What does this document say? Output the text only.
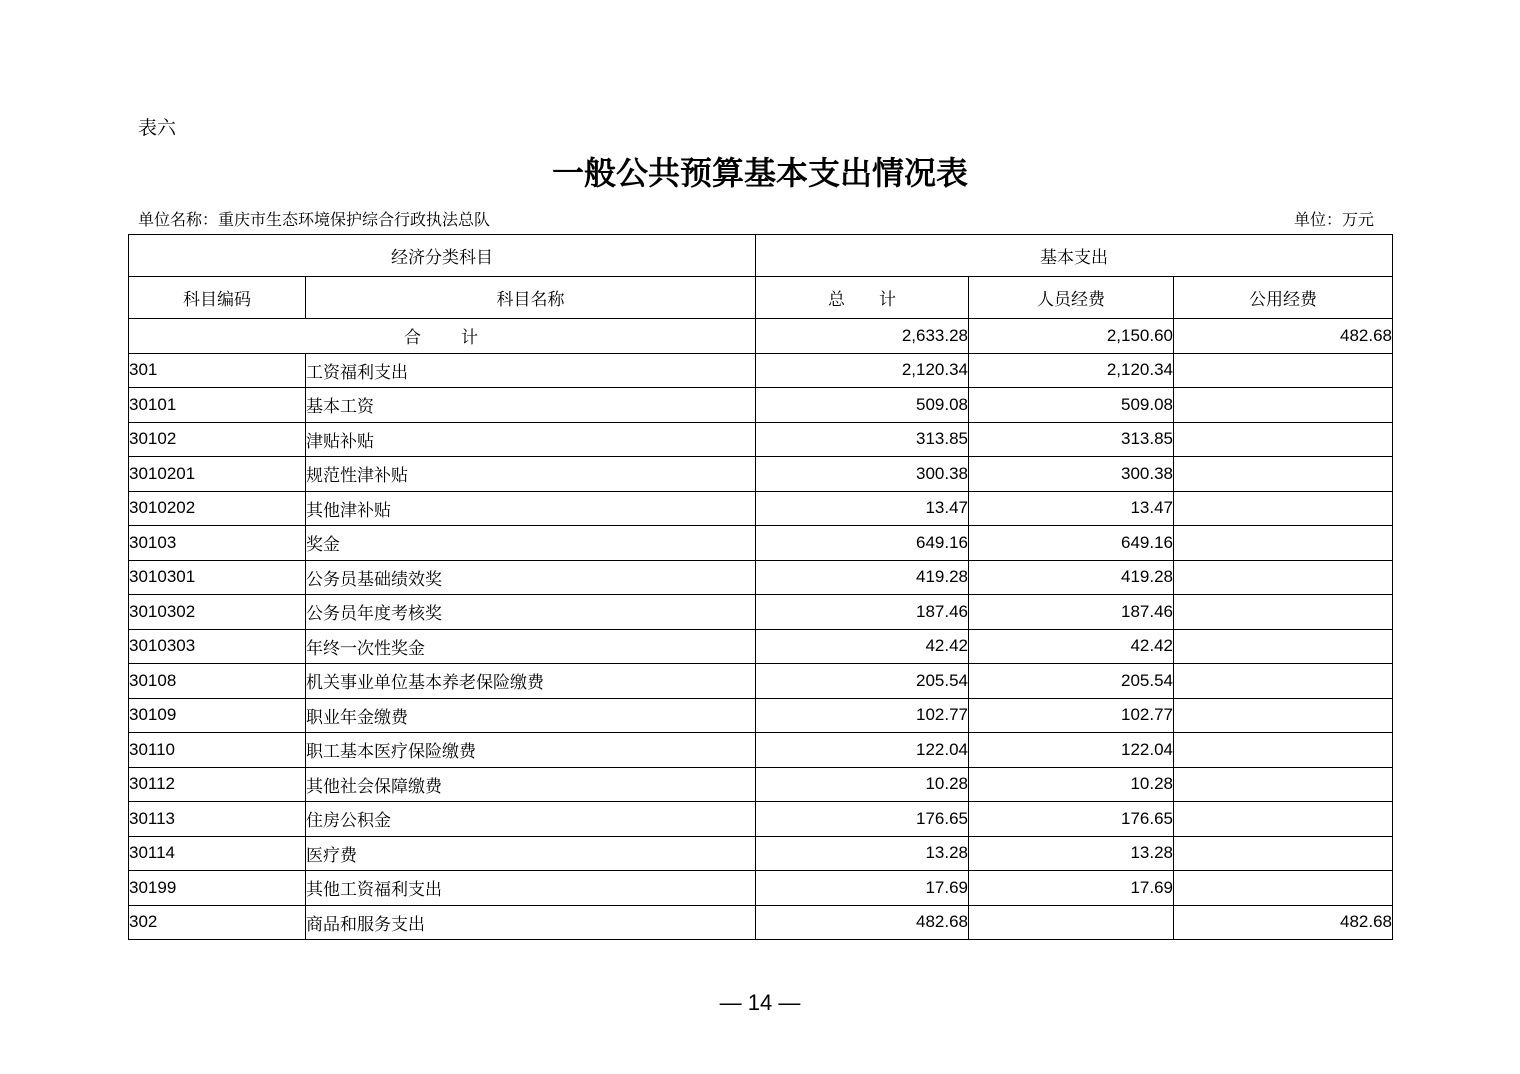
表六
一般公共预算基本支出情况表
单位名称：重庆市生态环境保护综合行政执法总队	单位：万元
经济分类科目		基本支出		
科目编码	科目名称	总　　计	人员经费	公用经费
合　　计		2,633.28	2,150.60	482.68
301	工资福利支出	2,120.34	2,120.34	
30101	基本工资	509.08	509.08	
30102	津贴补贴	313.85	313.85	
3010201	规范性津补贴	300.38	300.38	
3010202	其他津补贴	13.47	13.47	
30103	奖金	649.16	649.16	
3010301	公务员基础绩效奖	419.28	419.28	
3010302	公务员年度考核奖	187.46	187.46	
3010303	年终一次性奖金	42.42	42.42	
30108	机关事业单位基本养老保险缴费	205.54	205.54	
30109	职业年金缴费	102.77	102.77	
30110	职工基本医疗保险缴费	122.04	122.04	
30112	其他社会保障缴费	10.28	10.28	
30113	住房公积金	176.65	176.65	
30114	医疗费	13.28	13.28	
30199	其他工资福利支出	17.69	17.69	
302	商品和服务支出	482.68		482.68
— 14 —
